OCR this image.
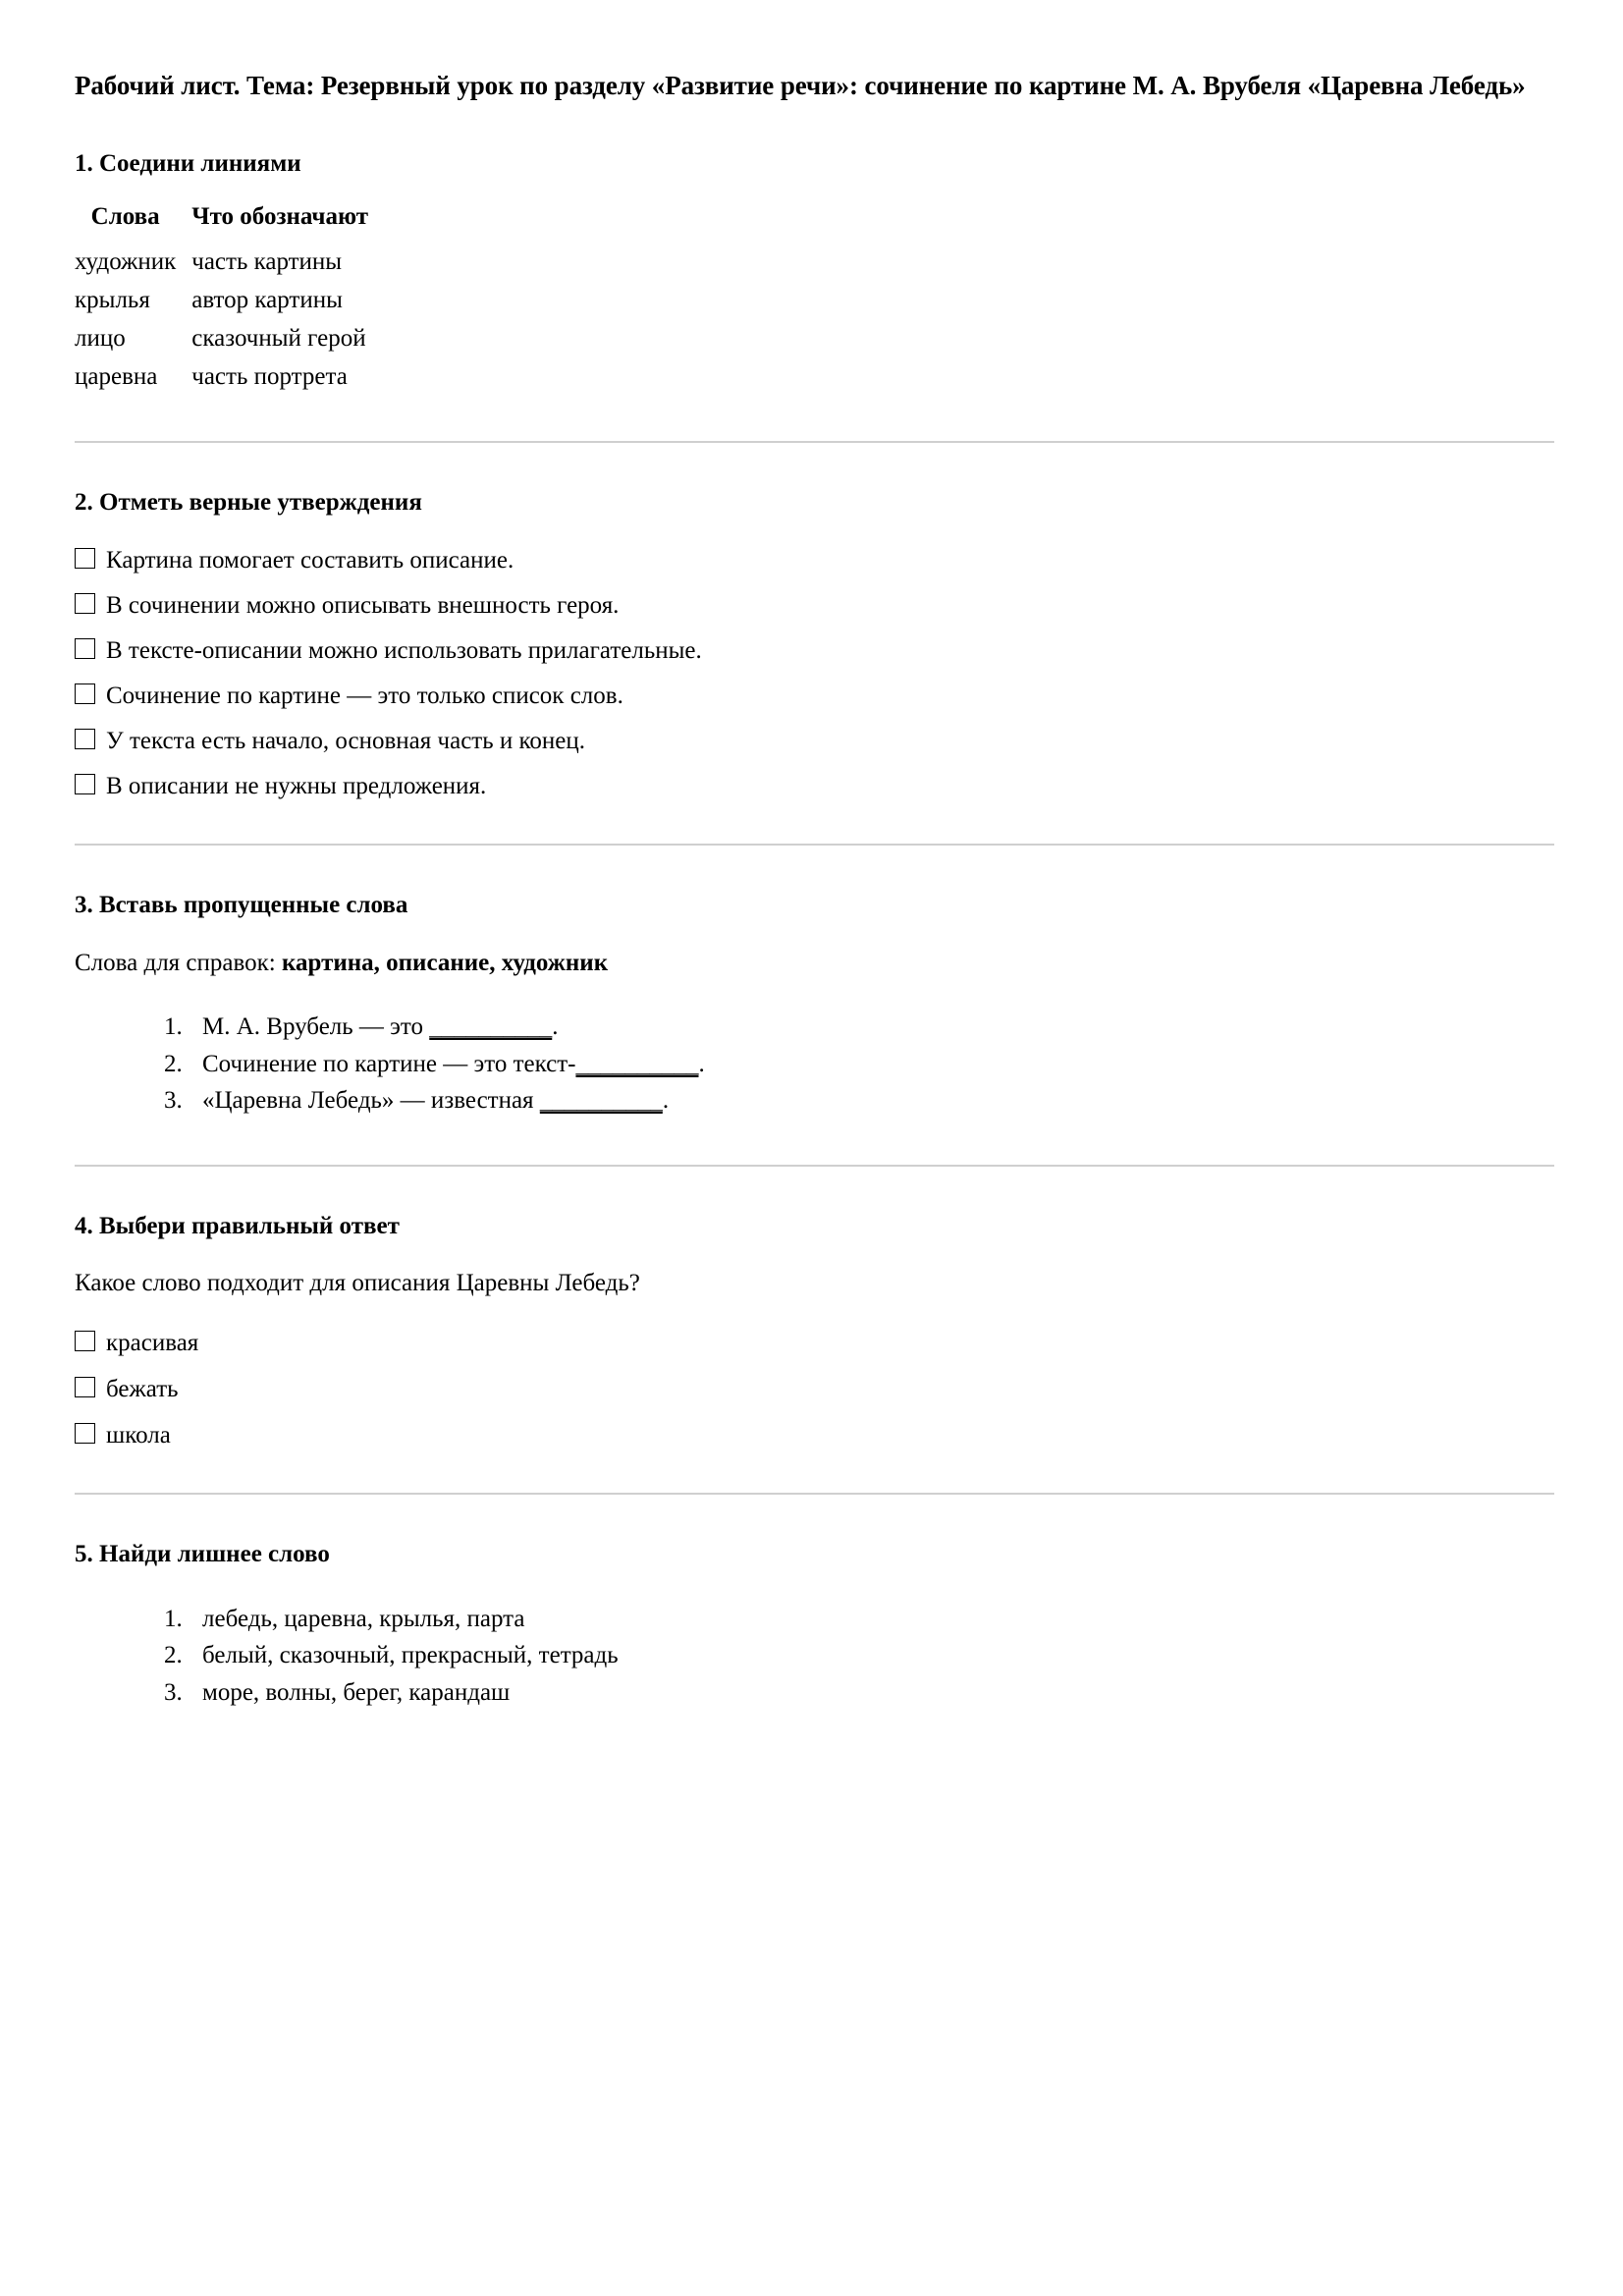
Рабочий лист. Тема: Резервный урок по разделу «Развитие речи»: сочинение по картине М. А. Врубеля «Царевна Лебедь»
1. Соедини линиями
Слова	Что обозначают
художник	часть картины
крылья	автор картины
лицо	сказочный герой
царевна	часть портрета
2. Отметь верные утверждения
Картина помогает составить описание.
В сочинении можно описывать внешность героя.
В тексте-описании можно использовать прилагательные.
Сочинение по картине — это только список слов.
У текста есть начало, основная часть и конец.
В описании не нужны предложения.
3. Вставь пропущенные слова

Слова для справок: картина, описание, художник

1. М. А. Врубель — это __________.
2. Сочинение по картине — это текст-__________.
3. «Царевна Лебедь» — известная __________.
4. Выбери правильный ответ

Какое слово подходит для описания Царевны Лебедь?

красивая
бежать
школа
5. Найди лишнее слово
1. лебедь, царевна, крылья, парта
2. белый, сказочный, прекрасный, тетрадь
3. море, волны, берег, карандаш
